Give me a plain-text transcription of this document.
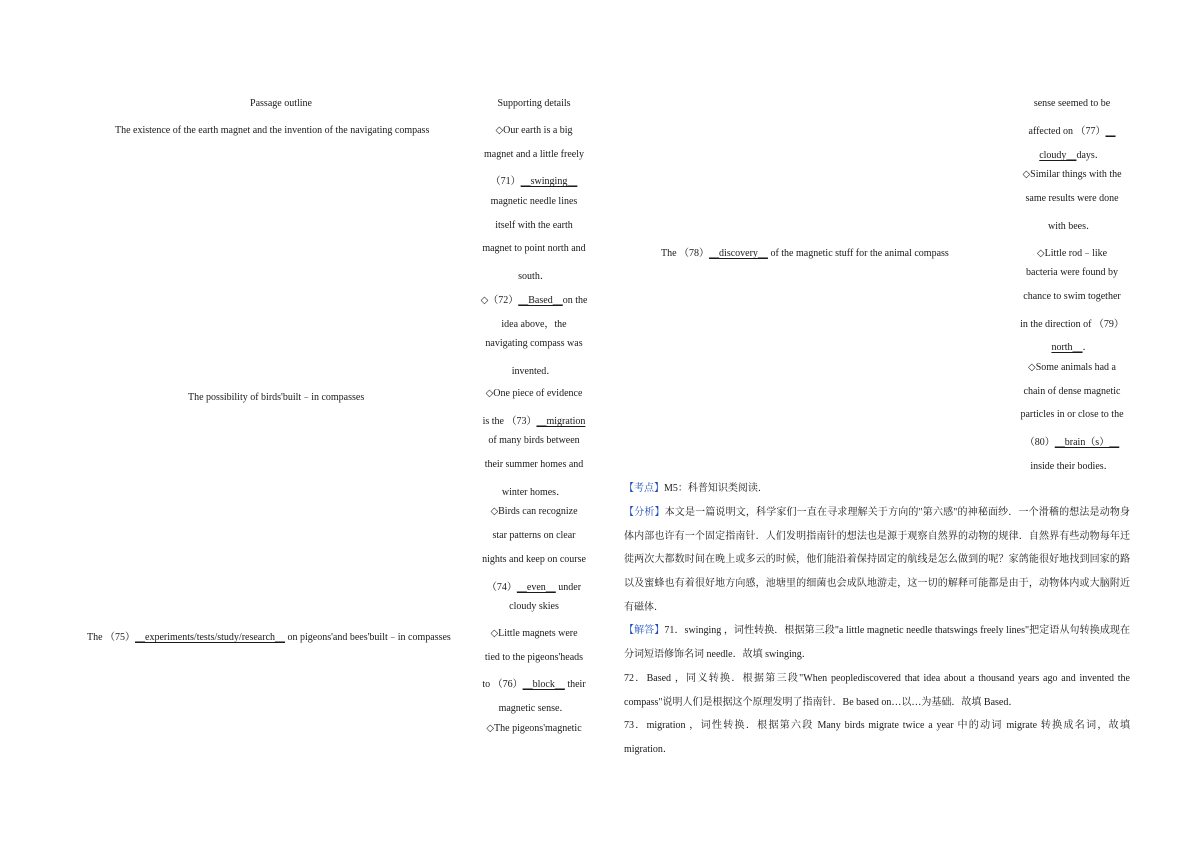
Passage outline	Supporting details
The existence of the earth magnet and the invention of the navigating compass	◇Our earth is a big
magnet and a little freely
（71）__swinging__
magnetic needle lines
itself with the earth
magnet to point north and
south．
◇（72）__Based__on the
idea above，the
navigating compass was
invented．
The possibility of birds'built﹣in compasses	◇One piece of evidence
is the （73）__migration
of many birds between
their summer homes and
winter homes．
◇Birds can recognize
star patterns on clear
nights and keep on course
（74）__even__ under
cloudy skies
The （75）__experiments/tests/study/research__ on pigeons'and bees'built﹣in compasses	◇Little magnets were
tied to the pigeons'heads
to （76）__block__ their
magnetic sense．
◇The pigeons'magnetic
sense seemed to be
affected on （77）__
cloudy__days．
◇Similar things with the
same results were done
with bees．
The （78）__discovery__ of the magnetic stuff for the animal compass	◇Little rod﹣like
bacteria were found by
chance to swim together
in the direction of （79）
north__．
◇Some animals had a
chain of dense magnetic
particles in or close to the
（80）__brain（s）__
inside their bodies．
【考点】M5：科普知识类阅读．
【分析】本文是一篇说明文，科学家们一直在寻求理解关于方向的"第六感"的神秘面纱．一个滑稽的想法是动物身体内部也许有一个固定指南针．人们发明指南针的想法也是源于观察自然界的动物的规律．自然界有些动物每年迁徙两次大都数时间在晚上或多云的时候，他们能沿着保持固定的航线是怎么做到的呢？家鸽能很好地找到回家的路以及蜜蜂也有着很好地方向感，池塘里的细菌也会成队地游走，这一切的解释可能都是由于，动物体内或大脑附近有磁体．
【解答】71．swinging ，词性转换．根据第三段"a little magnetic needle thatswings freely lines"把定语从句转换成现在分词短语修饰名词 needle．故填 swinging．
72．Based ，同义转换．根据第三段"When peoplediscovered that idea about a thousand years ago and invented the compass"说明人们是根据这个原理发明了指南针．Be based on…以…为基础．故填 Based．
73．migration ，词性转换．根据第六段 Many birds migrate twice a year 中的动词 migrate 转换成名词，故填 migration．
